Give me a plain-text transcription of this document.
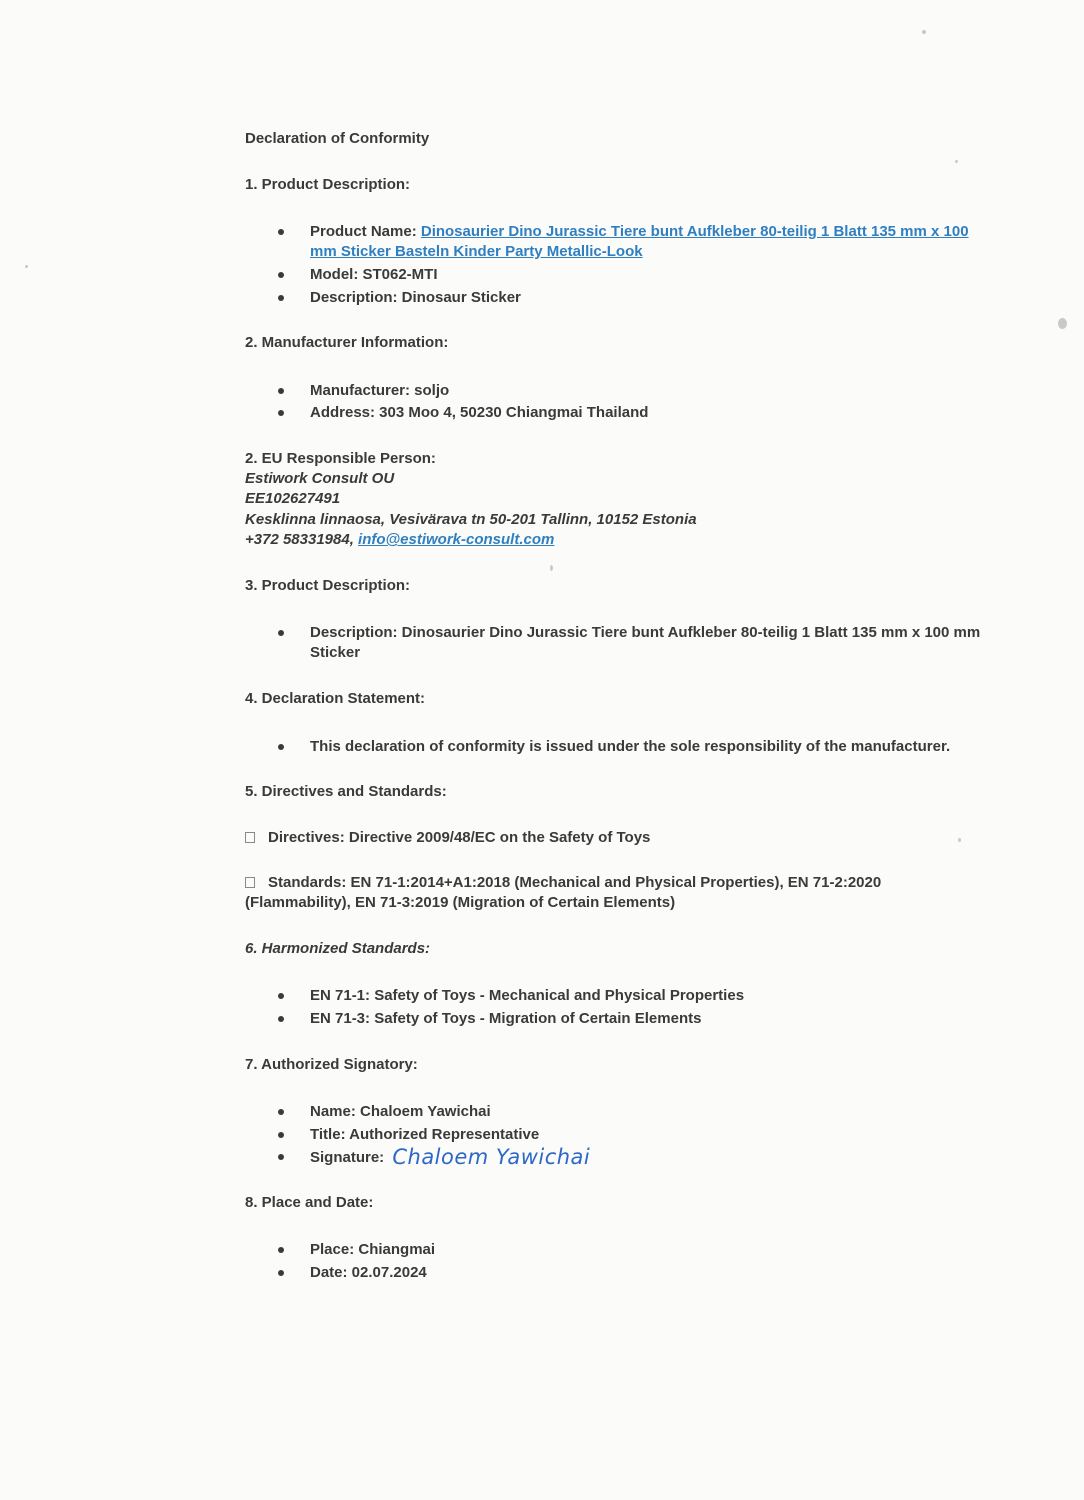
Declaration of Conformity
1. Product Description:
Product Name: Dinosaurier Dino Jurassic Tiere bunt Aufkleber 80-teilig 1 Blatt 135 mm x 100
mm Sticker Basteln Kinder Party Metallic-Look
Model: ST062-MTI
Description: Dinosaur Sticker
2. Manufacturer Information:
Manufacturer: soljo
Address: 303 Moo 4, 50230 Chiangmai Thailand
2. EU Responsible Person:
Estiwork Consult OU
EE102627491
Kesklinna linnaosa, Vesivärava tn 50-201 Tallinn, 10152 Estonia
+372 58331984, info@estiwork-consult.com
3. Product Description:
Description: Dinosaurier Dino Jurassic Tiere bunt Aufkleber 80-teilig 1 Blatt 135 mm x 100 mm
Sticker
4. Declaration Statement:
This declaration of conformity is issued under the sole responsibility of the manufacturer.
5. Directives and Standards:
Directives: Directive 2009/48/EC on the Safety of Toys
Standards: EN 71-1:2014+A1:2018 (Mechanical and Physical Properties), EN 71-2:2020
(Flammability), EN 71-3:2019 (Migration of Certain Elements)
6. Harmonized Standards:
EN 71-1: Safety of Toys - Mechanical and Physical Properties
EN 71-3: Safety of Toys - Migration of Certain Elements
7. Authorized Signatory:
Name: Chaloem Yawichai
Title: Authorized Representative
Signature: Chaloem Yawichai
8. Place and Date:
Place: Chiangmai
Date: 02.07.2024
